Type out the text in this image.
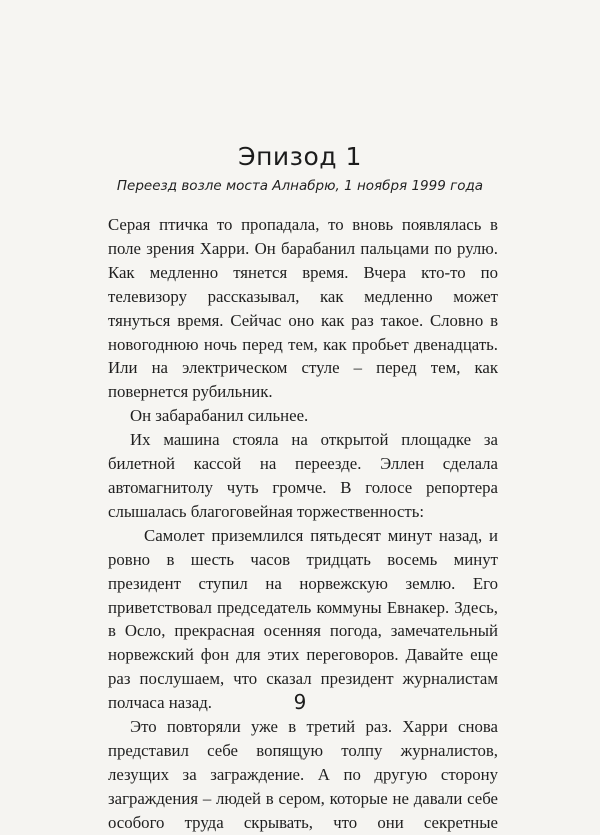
Эпизод 1
Переезд возле моста Алнабрю, 1 ноября 1999 года

Серая птичка то пропадала, то вновь появлялась в поле зрения Харри. Он барабанил пальцами по рулю. Как медленно тянется время. Вчера кто-то по телевизору рассказывал, как медленно может тянуться время. Сейчас оно как раз такое. Словно в новогоднюю ночь перед тем, как пробьет двенадцать. Или на электрическом стуле – перед тем, как повернется рубильник.

Он забарабанил сильнее.

Их машина стояла на открытой площадке за билетной кассой на переезде. Эллен сделала автомагнитолу чуть громче. В голосе репортера слышалась благоговейная торжественность:

Самолет приземлился пятьдесят минут назад, и ровно в шесть часов тридцать восемь минут президент ступил на норвежскую землю. Его приветствовал председатель коммуны Евнакер. Здесь, в Осло, прекрасная осенняя погода, замечательный норвежский фон для этих переговоров. Давайте еще раз послушаем, что сказал президент журналистам полчаса назад.

Это повторяли уже в третий раз. Харри снова представил себе вопящую толпу журналистов, лезущих за заграждение. А по другую сторону заграждения – людей в сером, которые не давали себе особого труда скрывать, что они секретные

9
